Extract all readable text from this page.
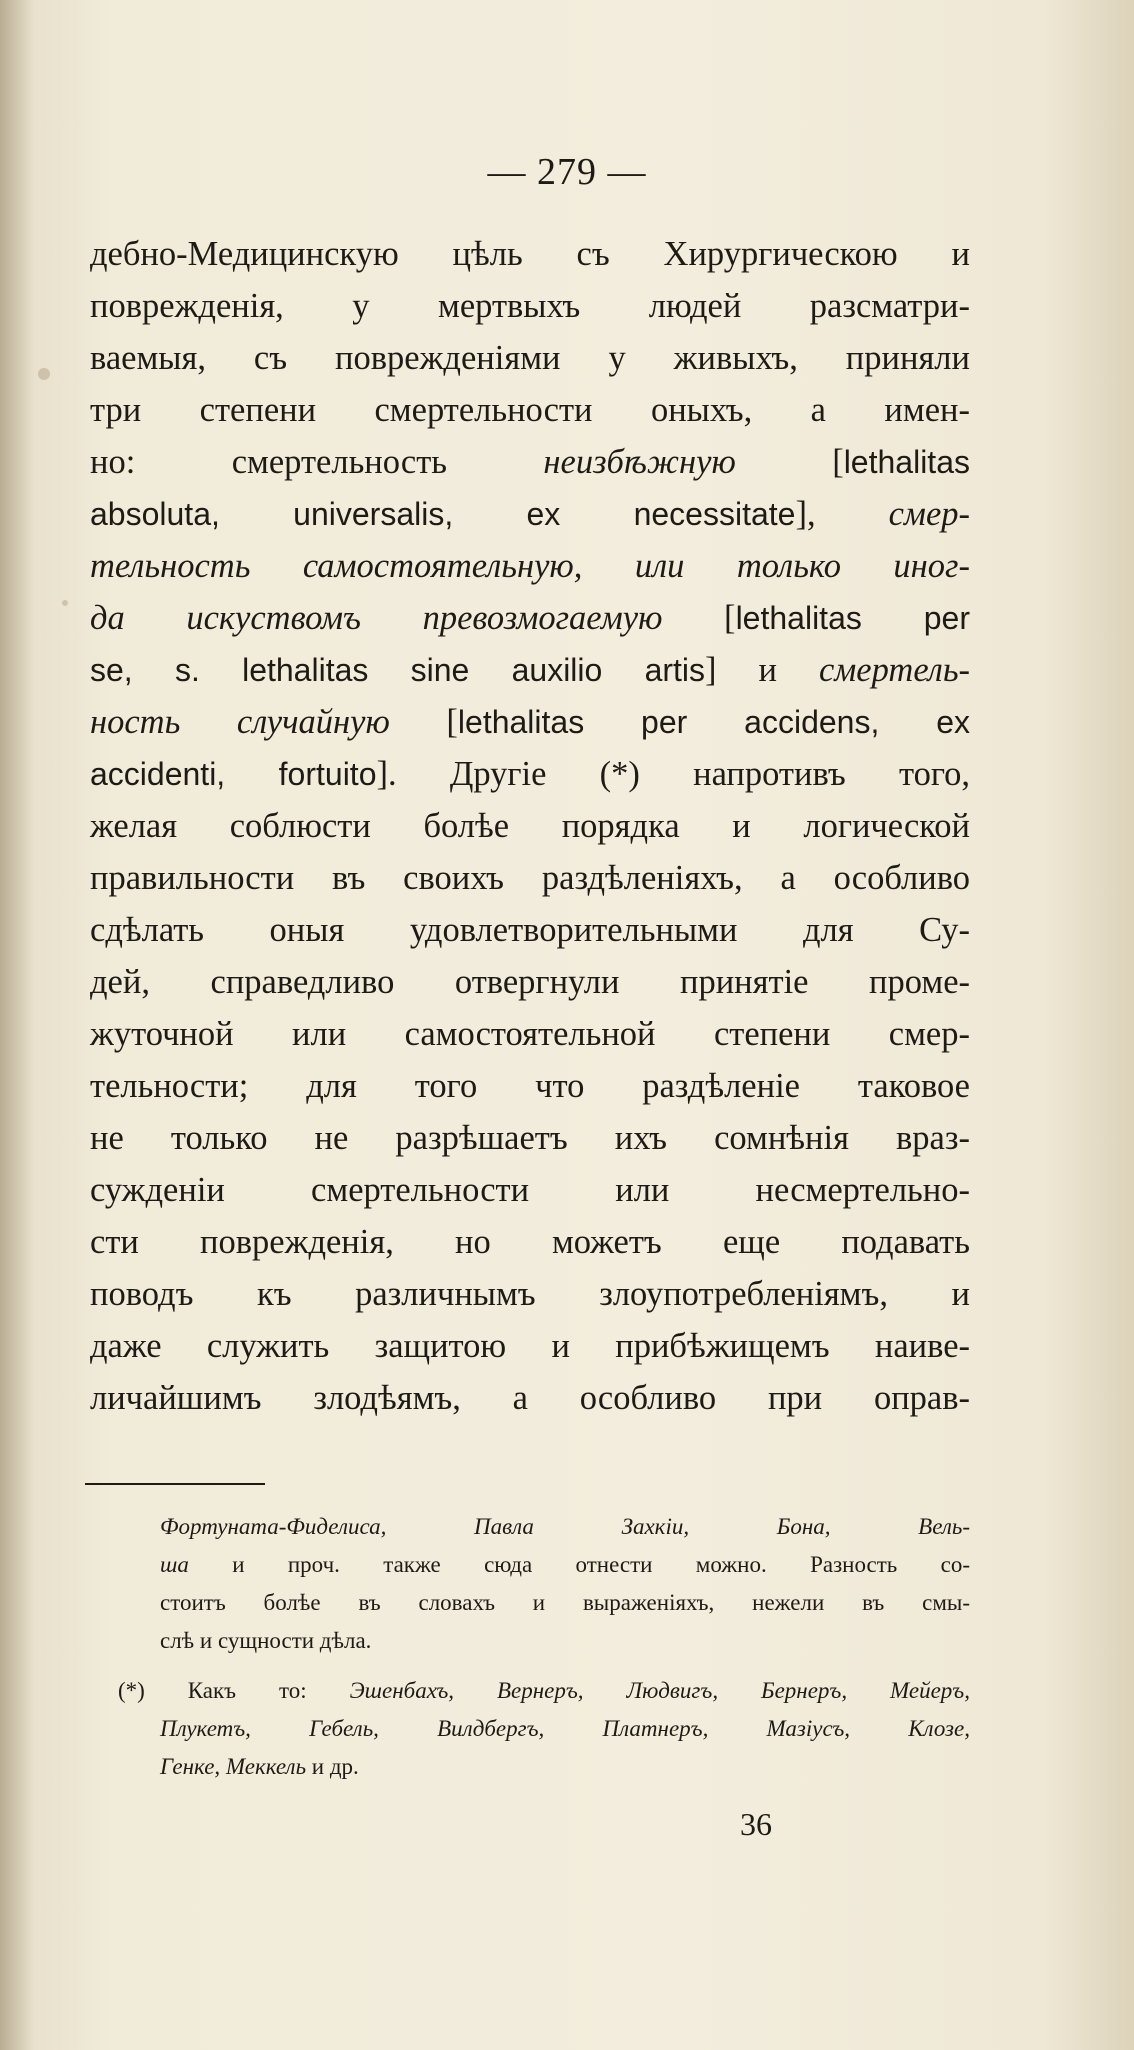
— 279 —
дебно-Медицинскую цѣль съ Хирургическою и
поврежденія, у мертвыхъ людей разсматри-
ваемыя, съ поврежденіями у живыхъ, приняли
три степени смертельности оныхъ, а имен-
но: смертельность неизбѣжную [lethalitas
absoluta, universalis, ex necessitate], смер-
тельность самостоятельную, или только иног-
да искуствомъ превозмогаемую [lethalitas per
se, s. lethalitas sine auxilio artis] и смертель-
ность случайную [lethalitas per accidens, ex
accidenti, fortuito]. Другіе (*) напротивъ того,
желая соблюсти болѣе порядка и логической
правильности въ своихъ раздѣленіяхъ, а особливо
сдѣлать оныя удовлетворительными для Су-
дей, справедливо отвергнули принятіе проме-
жуточной или самостоятельной степени смер-
тельности; для того что раздѣленіе таковое
не только не разрѣшаетъ ихъ сомнѣнія враз-
сужденіи смертельности или несмертельно-
сти поврежденія, но можетъ еще подавать
поводъ къ различнымъ злоупотребленіямъ, и
даже служить защитою и прибѣжищемъ наиве-
личайшимъ злодѣямъ, а особливо при оправ-
Фортуната-Фиделиса, Павла Захкіи, Бона, Вель-
ша и проч. также сюда отнести можно. Разность со-
стоитъ болѣе въ словахъ и выраженіяхъ, нежели въ смы-
слѣ и сущности дѣла.
(*) Какъ то: Эшенбахъ, Вернеръ, Людвигъ, Бернеръ, Мейеръ,
Плукетъ, Гебель, Вилдбергъ, Платнеръ, Мазіусъ, Клозе,
Генке, Меккель и др.
36
